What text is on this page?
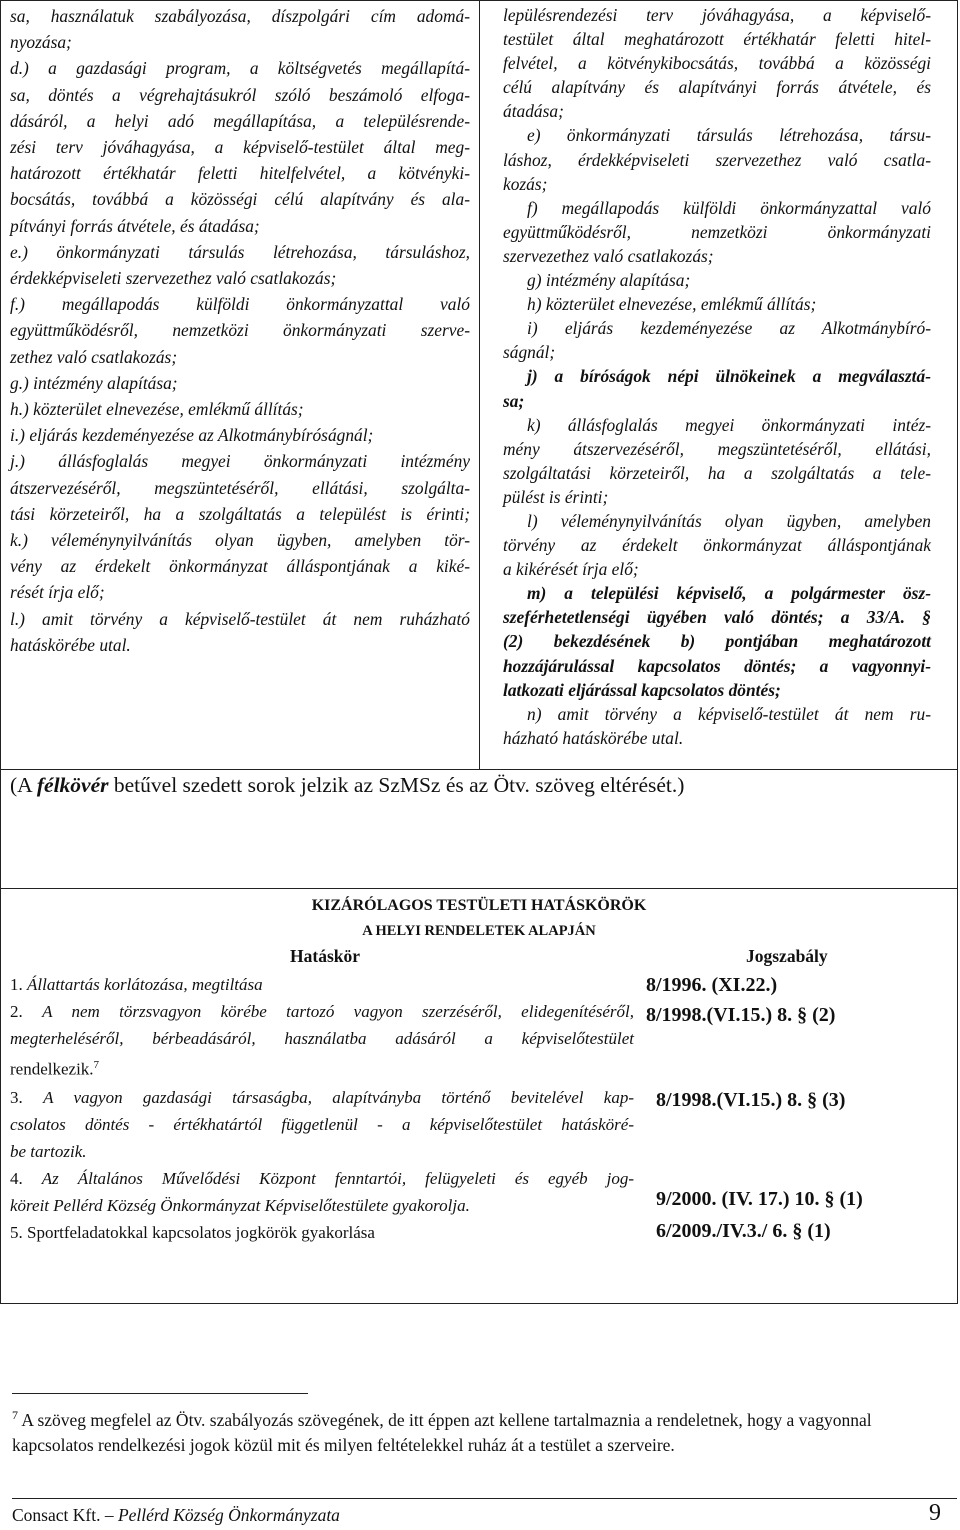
sa, használatuk szabályozása, díszpolgári cím adomá-
nyozása;
d.) a gazdasági program, a költségvetés megállapítá-
sa, döntés a végrehajtásukról szóló beszámoló elfoga-
dásáról, a helyi adó megállapítása, a településrende-
zési terv jóváhagyása, a képviselő-testület által meg-
határozott értékhatár feletti hitelfelvétel, a kötvényki-
bocsátás, továbbá a közösségi célú alapítvány és ala-
pítványi forrás átvétele, és átadása;
e.) önkormányzati társulás létrehozása, társuláshoz,
érdekképviseleti szervezethez való csatlakozás;
f.) megállapodás külföldi önkormányzattal való
együttműködésről, nemzetközi önkormányzati szerve-
zethez való csatlakozás;
g.) intézmény alapítása;
h.) közterület elnevezése, emlékmű állítás;
i.) eljárás kezdeményezése az Alkotmánybíróságnál;
j.) állásfoglalás megyei önkormányzati intézmény
átszervezéséről, megszüntetéséről, ellátási, szolgálta-
tási körzeteiről, ha a szolgáltatás a települést is érinti;
k.) véleménynyilvánítás olyan ügyben, amelyben tör-
vény az érdekelt önkormányzat álláspontjának a kiké-
rését írja elő;
l.) amit törvény a képviselő-testület át nem ruházható
hatáskörébe utal.
lepülésrendezési terv jóváhagyása, a képviselő-
testület által meghatározott értékhatár feletti hitel-
felvétel, a kötvénykibocsátás, továbbá a közösségi
célú alapítvány és alapítványi forrás átvétele, és
átadása;
e) önkormányzati társulás létrehozása, társu-
láshoz, érdekképviseleti szervezethez való csatla-
kozás;
f) megállapodás külföldi önkormányzattal való
együttműködésről, nemzetközi önkormányzati
szervezethez való csatlakozás;
g) intézmény alapítása;
h) közterület elnevezése, emlékmű állítás;
i) eljárás kezdeményezése az Alkotmánybíró-
ságnál;
j) a bíróságok népi ülnökeinek a megválasztá-
sa;
k) állásfoglalás megyei önkormányzati intéz-
mény átszervezéséről, megszüntetéséről, ellátási,
szolgáltatási körzeteiről, ha a szolgáltatás a tele-
pülést is érinti;
l) véleménynyilvánítás olyan ügyben, amelyben
törvény az érdekelt önkormányzat álláspontjának
a kikérését írja elő;
m) a települési képviselő, a polgármester ösz-
szeférhetetlenségi ügyében való döntés; a 33/A. §
(2) bekezdésének b) pontjában meghatározott
hozzájárulással kapcsolatos döntés; a vagyonnyi-
latkozati eljárással kapcsolatos döntés;
n) amit törvény a képviselő-testület át nem ru-
házható hatáskörébe utal.
(A félkövér betűvel szedett sorok jelzik az SzMSz és az Ötv. szöveg eltérését.)
KIZÁRÓLAGOS TESTÜLETI HATÁSKÖRÖK
A HELYI RENDELETEK ALAPJÁN
Hatáskör	Jogszabály
1. Állattartás korlátozása, megtiltása	8/1996. (XI.22.)
2. A nem törzsvagyon körébe tartozó vagyon szerzéséről, elidegenítéséről,
megterheléséről, bérbeadásáról, használatba adásáról a képviselőtestület
rendelkezik.$^7$
8/1998.(VI.15.) 8. § (2)
3. A vagyon gazdasági társaságba, alapítványba történő bevitelével kap-
csolatos döntés - értékhatártól függetlenül - a képviselőtestület hatásköré-
be tartozik.
8/1998.(VI.15.) 8. § (3)
4. Az Általános Művelődési Központ fenntartói, felügyeleti és egyéb jog-
köreit Pellérd Község Önkormányzat Képviselőtestülete gyakorolja.	9/2000. (IV. 17.) 10. § (1)
5. Sportfeladatokkal kapcsolatos jogkörök gyakorlása	6/2009./IV.3./ 6. § (1)
$^7$ A szöveg megfelel az Ötv. szabályozás szövegének, de itt éppen azt kellene tartalmaznia a rendeletnek, hogy a vagyonnal kapcsolatos rendelkezési jogok közül mit és milyen feltételekkel ruház át a testület a szerveire.
Consact Kft. – Pellérd Község Önkormányzata	9
